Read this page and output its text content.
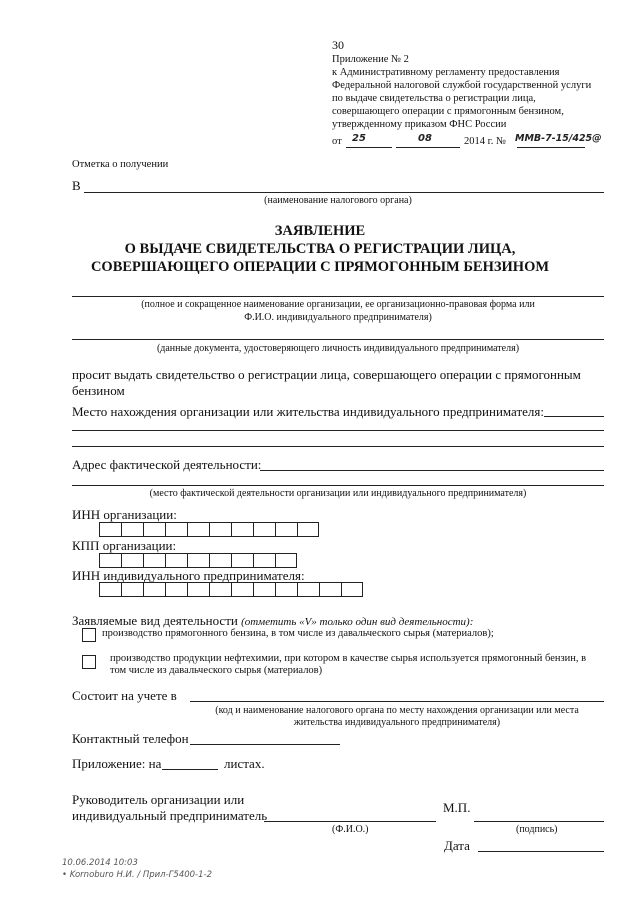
30
Приложение № 2
к Административному регламенту предоставления
Федеральной налоговой службой государственной услуги
по выдаче свидетельства о регистрации лица,
совершающего операции с прямогонным бензином,
утвержденному приказом ФНС России
от 25	08	2014 г. № ММВ-7-15/425@
Отметка о получении
В
(наименование налогового органа)
ЗАЯВЛЕНИЕ
О ВЫДАЧЕ СВИДЕТЕЛЬСТВА О РЕГИСТРАЦИИ ЛИЦА,
СОВЕРШАЮЩЕГО ОПЕРАЦИИ С ПРЯМОГОННЫМ БЕНЗИНОМ
(полное и сокращенное наименование организации, ее организационно-правовая форма или
Ф.И.О. индивидуального предпринимателя)
(данные документа, удостоверяющего личность индивидуального предпринимателя)
просит выдать свидетельство о регистрации лица, совершающего операции с прямогонным
бензином
Место нахождения организации или жительства индивидуального предпринимателя:
Адрес фактической деятельности:
(место фактической деятельности организации или индивидуального предпринимателя)
ИНН организации:
КПП организации:
ИНН индивидуального предпринимателя:
Заявляемые вид деятельности (отметить «V» только один вид деятельности):
производство прямогонного бензина, в том числе из давальческого сырья (материалов);
производство продукции нефтехимии, при котором в качестве сырья используется прямогонный бензин, в
том числе из давальческого сырья (материалов)
Состоит на учете в
(код и наименование налогового органа по месту нахождения организации или места
жительства индивидуального предпринимателя)
Контактный телефон
Приложение: на	листах.
Руководитель организации или
индивидуальный предприниматель
М.П.
(Ф.И.О.)	(подпись)
Дата
10.06.2014 10:03
• Kornoburo Н.И. / Прил-Г5400-1-2
